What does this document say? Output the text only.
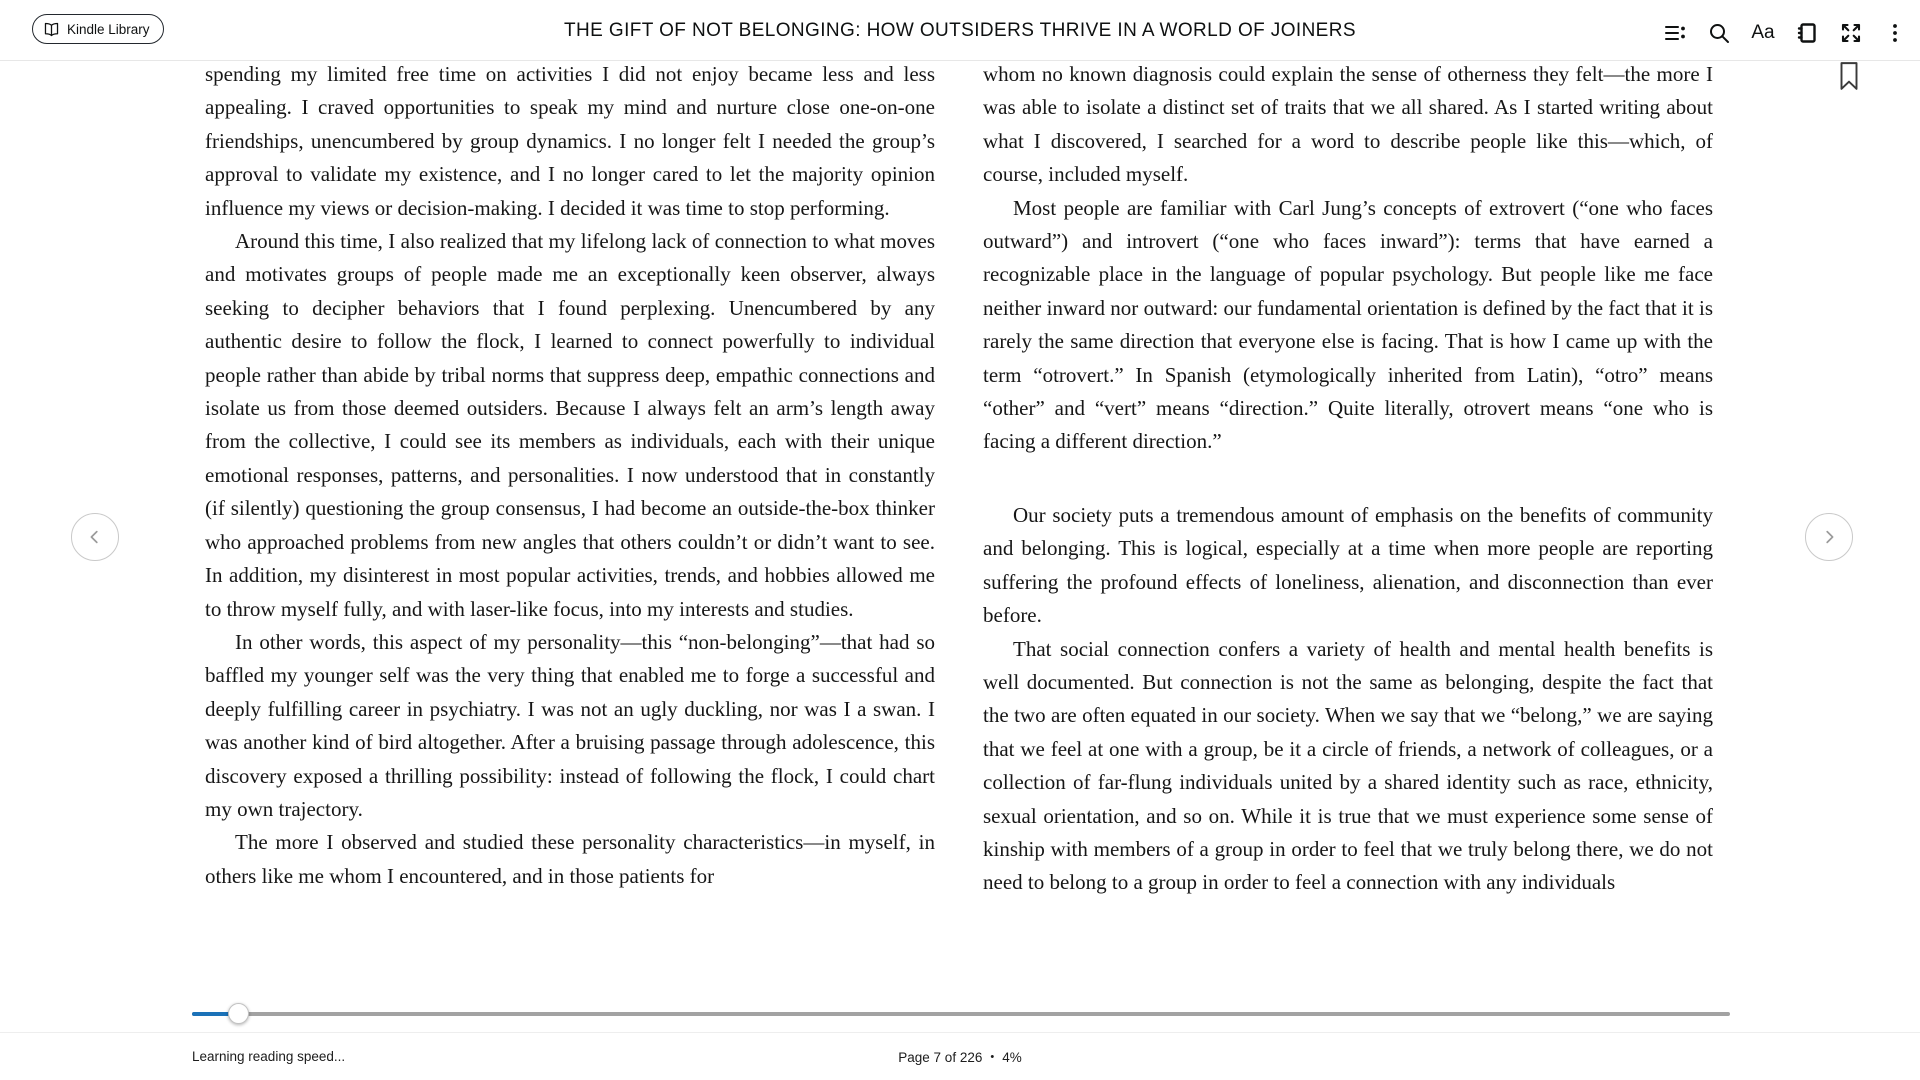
Kindle Library	THE GIFT OF NOT BELONGING: HOW OUTSIDERS THRIVE IN A WORLD OF JOINERS	Aa

spending my limited free time on activities I did not enjoy became less and less appealing. I craved opportunities to speak my mind and nurture close one-on-one friendships, unencumbered by group dynamics. I no longer felt I needed the group’s approval to validate my existence, and I no longer cared to let the majority opinion influence my views or decision-making. I decided it was time to stop performing.

Around this time, I also realized that my lifelong lack of connection to what moves and motivates groups of people made me an exceptionally keen observer, always seeking to decipher behaviors that I found perplexing. Unencumbered by any authentic desire to follow the flock, I learned to connect powerfully to individual people rather than abide by tribal norms that suppress deep, empathic connections and isolate us from those deemed outsiders. Because I always felt an arm’s length away from the collective, I could see its members as individuals, each with their unique emotional responses, patterns, and personalities. I now understood that in constantly (if silently) questioning the group consensus, I had become an outside-the-box thinker who approached problems from new angles that others couldn’t or didn’t want to see. In addition, my disinterest in most popular activities, trends, and hobbies allowed me to throw myself fully, and with laser-like focus, into my interests and studies.

In other words, this aspect of my personality—this “non-belonging”—that had so baffled my younger self was the very thing that enabled me to forge a successful and deeply fulfilling career in psychiatry. I was not an ugly duckling, nor was I a swan. I was another kind of bird altogether. After a bruising passage through adolescence, this discovery exposed a thrilling possibility: instead of following the flock, I could chart my own trajectory.

The more I observed and studied these personality characteristics—in myself, in others like me whom I encountered, and in those patients for

whom no known diagnosis could explain the sense of otherness they felt—the more I was able to isolate a distinct set of traits that we all shared. As I started writing about what I discovered, I searched for a word to describe people like this—which, of course, included myself.

Most people are familiar with Carl Jung’s concepts of extrovert (“one who faces outward”) and introvert (“one who faces inward”): terms that have earned a recognizable place in the language of popular psychology. But people like me face neither inward nor outward: our fundamental orientation is defined by the fact that it is rarely the same direction that everyone else is facing. That is how I came up with the term “otrovert.” In Spanish (etymologically inherited from Latin), “otro” means “other” and “vert” means “direction.” Quite literally, otrovert means “one who is facing a different direction.”

Our society puts a tremendous amount of emphasis on the benefits of community and belonging. This is logical, especially at a time when more people are reporting suffering the profound effects of loneliness, alienation, and disconnection than ever before.

That social connection confers a variety of health and mental health benefits is well documented. But connection is not the same as belonging, despite the fact that the two are often equated in our society. When we say that we “belong,” we are saying that we feel at one with a group, be it a circle of friends, a network of colleagues, or a collection of far-flung individuals united by a shared identity such as race, ethnicity, sexual orientation, and so on. While it is true that we must experience some sense of kinship with members of a group in order to feel that we truly belong there, we do not need to belong to a group in order to feel a connection with any individuals

Learning reading speed...	Page 7 of 226 • 4%
